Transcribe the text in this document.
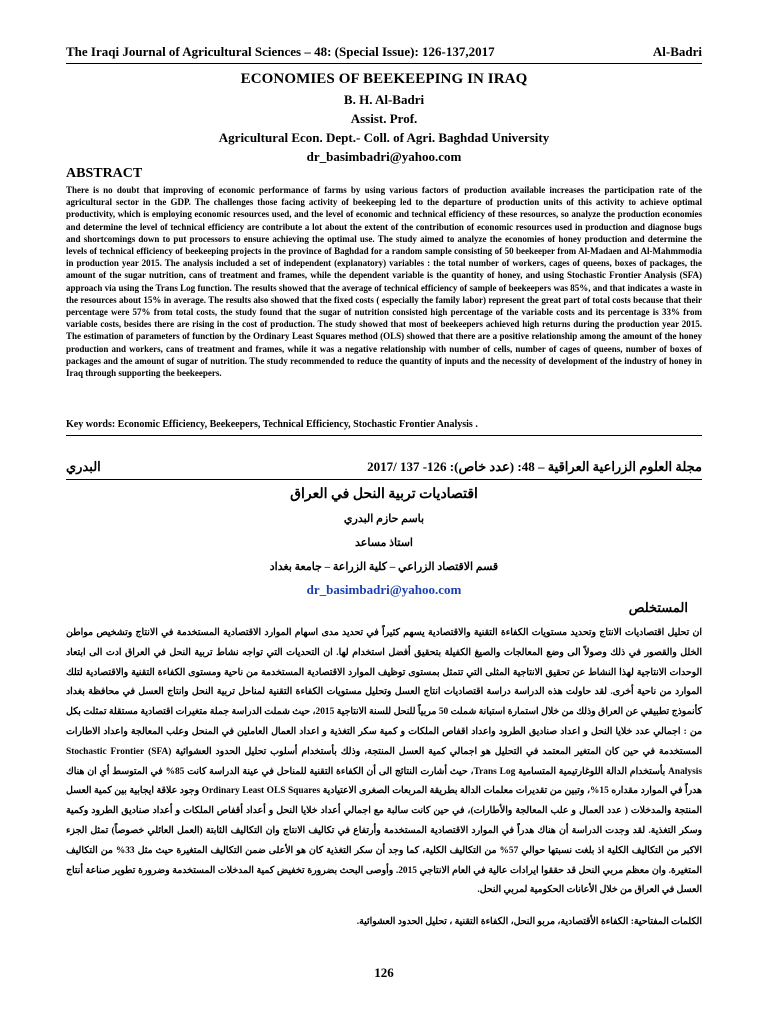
The Iraqi Journal of Agricultural Sciences – 48: (Special Issue): 126-137,2017	Al-Badri

ECONOMIES OF BEEKEEPING IN IRAQ

B. H. Al-Badri

Assist. Prof.

Agricultural Econ. Dept.- Coll. of Agri. Baghdad University

dr_basimbadri@yahoo.com

ABSTRACT

There is no doubt that improving of economic performance of farms by using various factors of production available increases the participation rate of the agricultural sector in the GDP. The challenges those facing activity of beekeeping led to the departure of production units of this activity to achieve optimal productivity, which is employing economic resources used, and the level of economic and technical efficiency of these resources, so analyze the production economies and determine the level of technical efficiency are contribute a lot about the extent of the contribution of economic resources used in production and diagnose bugs and shortcomings down to put processors to ensure achieving the optimal use. The study aimed to analyze the economies of honey production and determine the levels of technical efficiency of beekeeping projects in the province of Baghdad for a random sample consisting of 50 beekeeper from Al-Madaen and Al-Mahmmodia in production year 2015. The analysis included a set of independent (explanatory) variables : the total number of workers, cages of queens, boxes of packages, the amount of the sugar nutrition, cans of treatment and frames, while the dependent variable is the quantity of honey, and using Stochastic Frontier Analysis (SFA) approach via using the Trans Log function. The results showed that the average of technical efficiency of sample of beekeepers was 85%, and that indicates a waste in the resources about 15% in average. The results also showed that the fixed costs ( especially the family labor) represent the great part of total costs because that their percentage were 57% from total costs, the study found that the sugar of nutrition consisted high percentage of the variable costs and its percentage is 33% from variable costs, besides there are rising in the cost of production. The study showed that most of beekeepers achieved high returns during the production year 2015. The estimation of parameters of function by the Ordinary Least Squares method (OLS) showed that there are a positive relationship among the amount of the honey production and workers, cans of treatment and frames, while it was a negative relationship with number of cells, number of cages of queens, number of boxes of packages and the amount of sugar of nutrition. The study recommended to reduce the quantity of inputs and the necessity of development of the industry of honey in Iraq through supporting the beekeepers.

Key words: Economic Efficiency, Beekeepers, Technical Efficiency, Stochastic Frontier Analysis .

مجلة العلوم الزراعية العراقية – 48: (عدد خاص): 126- 137 /2017
البدري

اقتصاديات تربية النحل في العراق

باسم حازم البدري

استاذ مساعد

قسم الاقتصاد الزراعي – كلية الزراعة – جامعة بغداد

dr_basimbadri@yahoo.com

المستخلص

ان تحليل اقتصاديات الانتاج وتحديد مستويات الكفاءة التقنية والاقتصادية يسهم كثيراً في تحديد مدى اسهام الموارد الاقتصادية المستخدمة في الانتاج وتشخيص مواطن الخلل والقصور في ذلك وصولاً الى وضع المعالجات والصيغ الكفيلة بتحقيق أفضل استخدام لها. ان التحديات التي تواجه نشاط تربية النحل في العراق ادت الى ابتعاد الوحدات الانتاجية لهذا النشاط عن تحقيق الانتاجية المثلى التي تتمثل بمستوى توظيف الموارد الاقتصادية المستخدمة من ناحية ومستوى الكفاءة التقنية والاقتصادية لتلك الموارد من ناحية أخرى. لقد حاولت هذه الدراسة دراسة اقتصاديات انتاج العسل وتحليل مستويات الكفاءة التقنية لمناحل تربية النحل وانتاج العسل في محافظة بغداد كأنموذج تطبيقي عن العراق وذلك من خلال استمارة استبانة شملت 50 مربياً للنحل للسنة الانتاجية 2015، حيث شملت الدراسة جملة متغيرات اقتصادية مستقلة تمثلت بكل من : اجمالي عدد خلايا النحل و اعداد صناديق الطرود واعداد اقفاص الملكات و كمية سكر التغذية و اعداد العمال العاملين في المنحل وعلب المعالجة واعداد الاطارات المستخدمة في حين كان المتغير المعتمد في التحليل هو اجمالي كمية العسل المنتجة، وذلك بأستخدام أسلوب تحليل الحدود العشوائية (SFA) Stochastic Frontier Analysis بأستخدام الدالة اللوغارتيمية المتسامية Trans Log، حيث أشارت النتائج الى أن الكفاءة التقنية للمناحل في عينة الدراسة كانت 85% في المتوسط أي ان هناك هدراً في الموارد مقداره 15%، وتبين من تقديرات معلمات الدالة بطريقة المربعات الصغرى الاعتيادية Ordinary Least OLS Squares وجود علاقة ايجابية بين كمية العسل المنتجة والمدخلات ( عدد العمال و علب المعالجة والأطارات)، في حين كانت سالبة مع اجمالي أعداد خلايا النحل و أعداد أقفاص الملكات و أعداد صناديق الطرود وكمية وسكر التغذية. لقد وجدت الدراسة أن هناك هدراً في الموارد الاقتصادية المستخدمة وأرتفاع في تكاليف الانتاج وان التكاليف الثابتة (العمل العائلي خصوصاً) تمثل الجزء الاكبر من التكاليف الكلية اذ بلغت نسبتها حوالي 57% من التكاليف الكلية، كما وجد أن سكر التغذية كان هو الأعلى ضمن التكاليف المتغيرة حيث مثل 33% من التكاليف المتغيرة. وان معظم مربي النحل قد حققوا ايرادات عالية في العام الانتاجي 2015. وأوصى البحث بضرورة تخفيض كمية المدخلات المستخدمة وضرورة تطوير صناعة أنتاج العسل في العراق من خلال الأعانات الحكومية لمربي النحل.

الكلمات المفتاحية: الكفاءة الأقتصادية، مربو النحل، الكفاءة التقنية ، تحليل الحدود العشوائية.

126
